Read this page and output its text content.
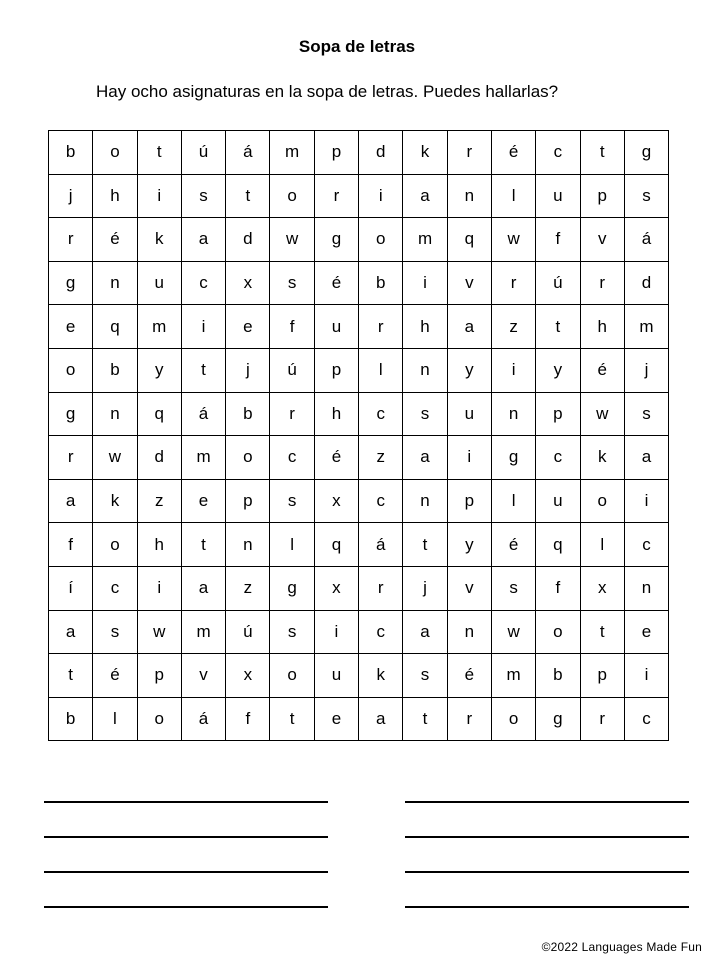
Sopa de letras
Hay ocho asignaturas en la sopa de letras. Puedes hallarlas?
b	o	t	ú	á	m	p	d	k	r	é	c	t	g
j	h	i	s	t	o	r	i	a	n	l	u	p	s
r	é	k	a	d	w	g	o	m	q	w	f	v	á
g	n	u	c	x	s	é	b	i	v	r	ú	r	d
e	q	m	i	e	f	u	r	h	a	z	t	h	m
o	b	y	t	j	ú	p	l	n	y	i	y	é	j
g	n	q	á	b	r	h	c	s	u	n	p	w	s
r	w	d	m	o	c	é	z	a	i	g	c	k	a
a	k	z	e	p	s	x	c	n	p	l	u	o	i
f	o	h	t	n	l	q	á	t	y	é	q	l	c
í	c	i	a	z	g	x	r	j	v	s	f	x	n
a	s	w	m	ú	s	i	c	a	n	w	o	t	e
t	é	p	v	x	o	u	k	s	é	m	b	p	i
b	l	o	á	f	t	e	a	t	r	o	g	r	c
©2022 Languages Made Fun
